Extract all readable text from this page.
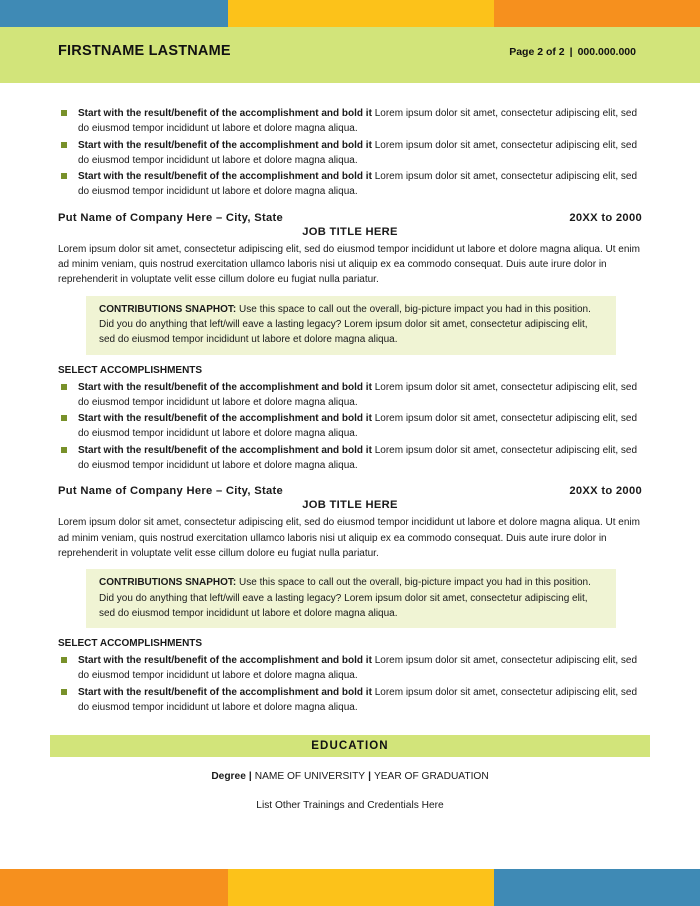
FIRSTNAME LASTNAME	Page 2 of 2 | 000.000.000
Start with the result/benefit of the accomplishment and bold it Lorem ipsum dolor sit amet, consectetur adipiscing elit, sed do eiusmod tempor incididunt ut labore et dolore magna aliqua.
Start with the result/benefit of the accomplishment and bold it Lorem ipsum dolor sit amet, consectetur adipiscing elit, sed do eiusmod tempor incididunt ut labore et dolore magna aliqua.
Start with the result/benefit of the accomplishment and bold it Lorem ipsum dolor sit amet, consectetur adipiscing elit, sed do eiusmod tempor incididunt ut labore et dolore magna aliqua.
Put Name of Company Here – City, State	20XX to 2000
JOB TITLE HERE
Lorem ipsum dolor sit amet, consectetur adipiscing elit, sed do eiusmod tempor incididunt ut labore et dolore magna aliqua. Ut enim ad minim veniam, quis nostrud exercitation ullamco laboris nisi ut aliquip ex ea commodo consequat. Duis aute irure dolor in reprehenderit in voluptate velit esse cillum dolore eu fugiat nulla pariatur.
CONTRIBUTIONS SNAPHOT: Use this space to call out the overall, big-picture impact you had in this position. Did you do anything that left/will eave a lasting legacy? Lorem ipsum dolor sit amet, consectetur adipiscing elit, sed do eiusmod tempor incididunt ut labore et dolore magna aliqua.
SELECT ACCOMPLISHMENTS
Start with the result/benefit of the accomplishment and bold it Lorem ipsum dolor sit amet, consectetur adipiscing elit, sed do eiusmod tempor incididunt ut labore et dolore magna aliqua.
Start with the result/benefit of the accomplishment and bold it Lorem ipsum dolor sit amet, consectetur adipiscing elit, sed do eiusmod tempor incididunt ut labore et dolore magna aliqua.
Start with the result/benefit of the accomplishment and bold it Lorem ipsum dolor sit amet, consectetur adipiscing elit, sed do eiusmod tempor incididunt ut labore et dolore magna aliqua.
Put Name of Company Here – City, State	20XX to 2000
JOB TITLE HERE
Lorem ipsum dolor sit amet, consectetur adipiscing elit, sed do eiusmod tempor incididunt ut labore et dolore magna aliqua. Ut enim ad minim veniam, quis nostrud exercitation ullamco laboris nisi ut aliquip ex ea commodo consequat. Duis aute irure dolor in reprehenderit in voluptate velit esse cillum dolore eu fugiat nulla pariatur.
CONTRIBUTIONS SNAPHOT: Use this space to call out the overall, big-picture impact you had in this position. Did you do anything that left/will eave a lasting legacy? Lorem ipsum dolor sit amet, consectetur adipiscing elit, sed do eiusmod tempor incididunt ut labore et dolore magna aliqua.
SELECT ACCOMPLISHMENTS
Start with the result/benefit of the accomplishment and bold it Lorem ipsum dolor sit amet, consectetur adipiscing elit, sed do eiusmod tempor incididunt ut labore et dolore magna aliqua.
Start with the result/benefit of the accomplishment and bold it Lorem ipsum dolor sit amet, consectetur adipiscing elit, sed do eiusmod tempor incididunt ut labore et dolore magna aliqua.
EDUCATION
Degree | NAME OF UNIVERSITY | YEAR OF GRADUATION
List Other Trainings and Credentials Here
